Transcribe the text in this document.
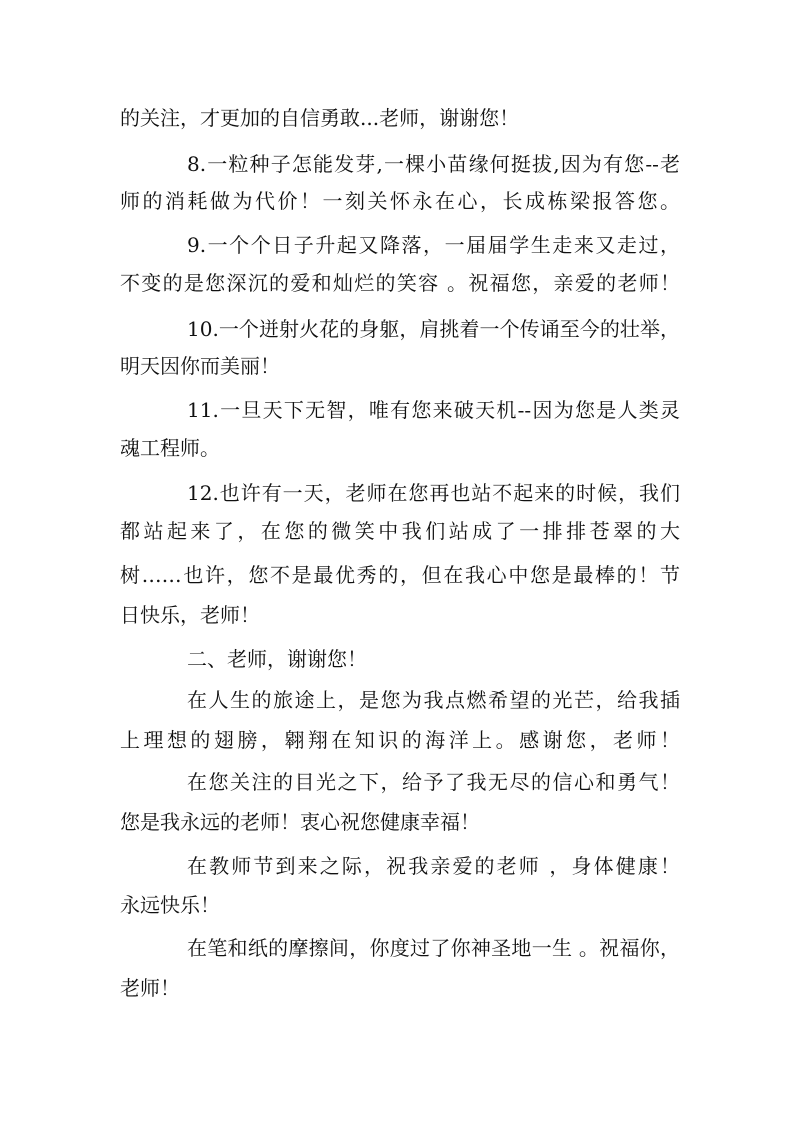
的关注，才更加的自信勇敢...老师，谢谢您！
8.一粒种子怎能发芽,一棵小苗缘何挺拔,因为有您--老
师的消耗做为代价！一刻关怀永在心，长成栋梁报答您。
9.一个个日子升起又降落，一届届学生走来又走过，
不变的是您深沉的爱和灿烂的笑容 。祝福您，亲爱的老师！
10.一个迸射火花的身躯，肩挑着一个传诵至今的壮举，
明天因你而美丽！
11.一旦天下无智，唯有您来破天机--因为您是人类灵
魂工程师。
12.也许有一天，老师在您再也站不起来的时候，我们
都站起来了，在您的微笑中我们站成了一排排苍翠的大
树……也许，您不是最优秀的，但在我心中您是最棒的！节
日快乐，老师！
二、老师，谢谢您！
在人生的旅途上，是您为我点燃希望的光芒，给我插
上理想的翅膀，翱翔在知识的海洋上。感谢您，老师！
在您关注的目光之下，给予了我无尽的信心和勇气！
您是我永远的老师！衷心祝您健康幸福！
在教师节到来之际，祝我亲爱的老师 ，身体健康！
永远快乐！
在笔和纸的摩擦间，你度过了你神圣地一生 。祝福你，
老师！
